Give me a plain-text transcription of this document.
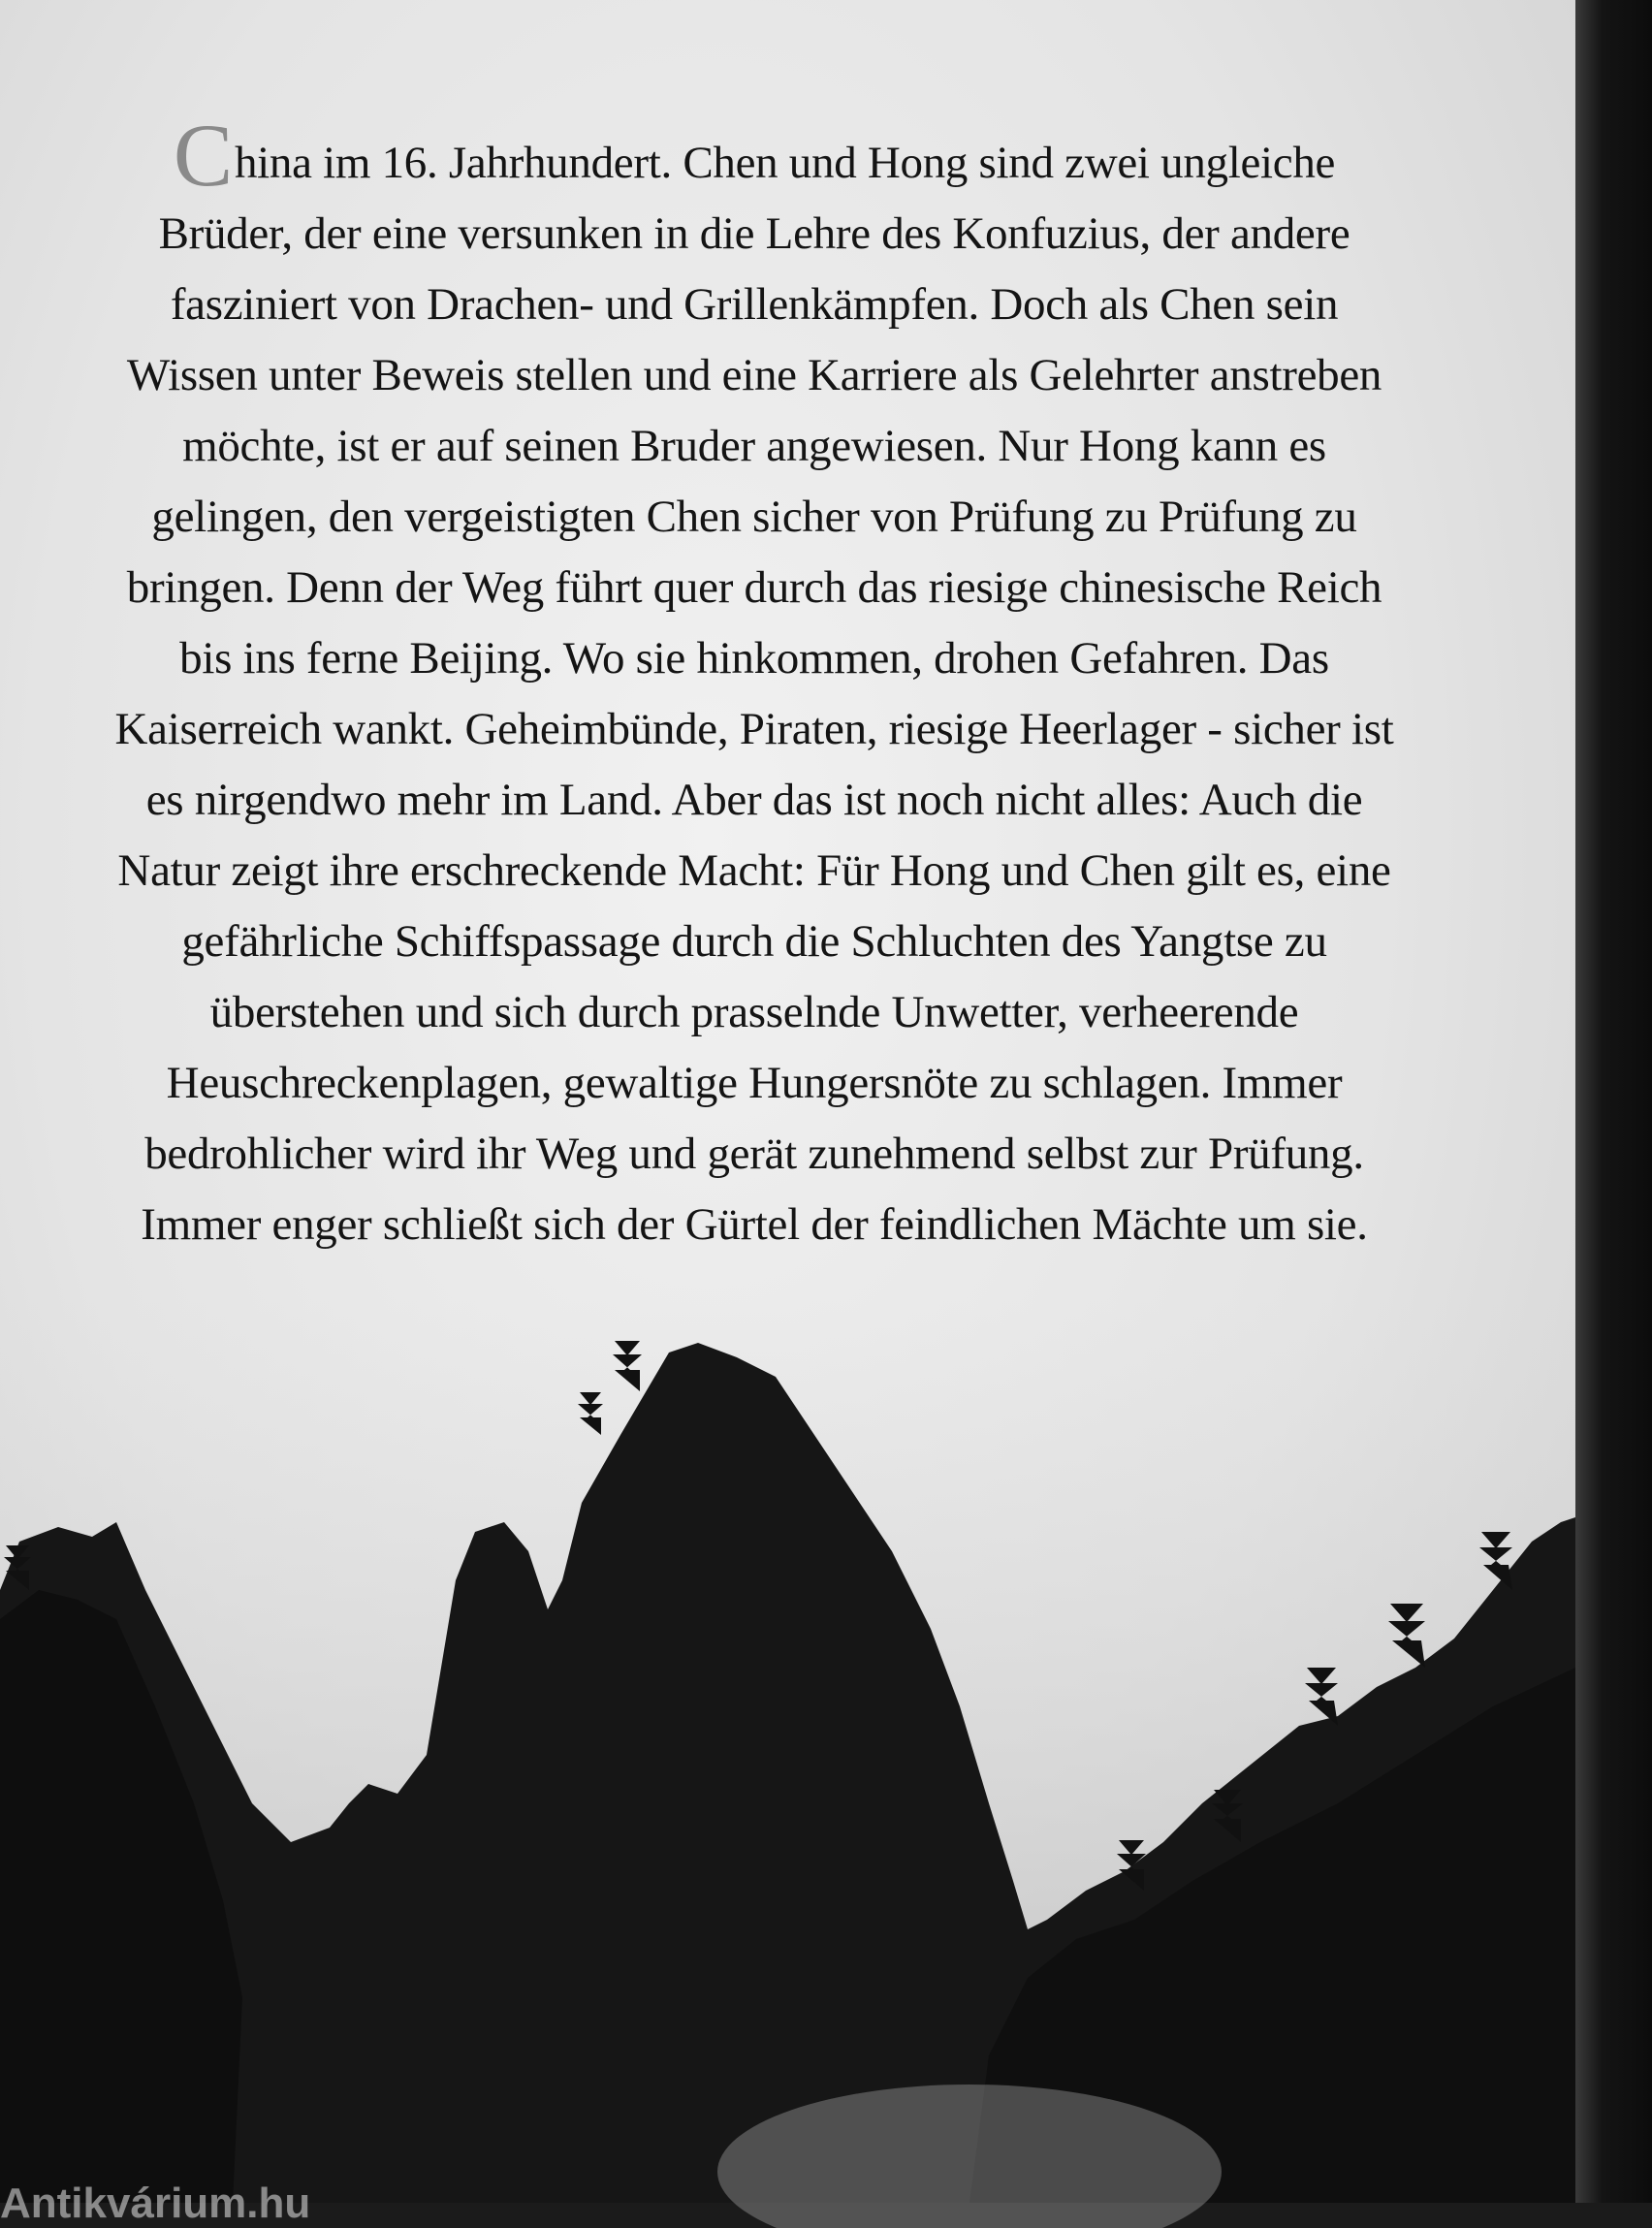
China im 16. Jahrhundert. Chen und Hong sind zwei ungleiche
Brüder, der eine versunken in die Lehre des Konfuzius, der andere
fasziniert von Drachen- und Grillenkämpfen. Doch als Chen sein
Wissen unter Beweis stellen und eine Karriere als Gelehrter anstreben
möchte, ist er auf seinen Bruder angewiesen. Nur Hong kann es
gelingen, den vergeistigten Chen sicher von Prüfung zu Prüfung zu
bringen. Denn der Weg führt quer durch das riesige chinesische Reich
bis ins ferne Beijing. Wo sie hinkommen, drohen Gefahren. Das
Kaiserreich wankt. Geheimbünde, Piraten, riesige Heerlager - sicher ist
es nirgendwo mehr im Land. Aber das ist noch nicht alles: Auch die
Natur zeigt ihre erschreckende Macht: Für Hong und Chen gilt es, eine
gefährliche Schiffspassage durch die Schluchten des Yangtse zu
überstehen und sich durch prasselnde Unwetter, verheerende
Heuschreckenplagen, gewaltige Hungersnöte zu schlagen. Immer
bedrohlicher wird ihr Weg und gerät zunehmend selbst zur Prüfung.
Immer enger schließt sich der Gürtel der feindlichen Mächte um sie.
Antikvárium.hu
